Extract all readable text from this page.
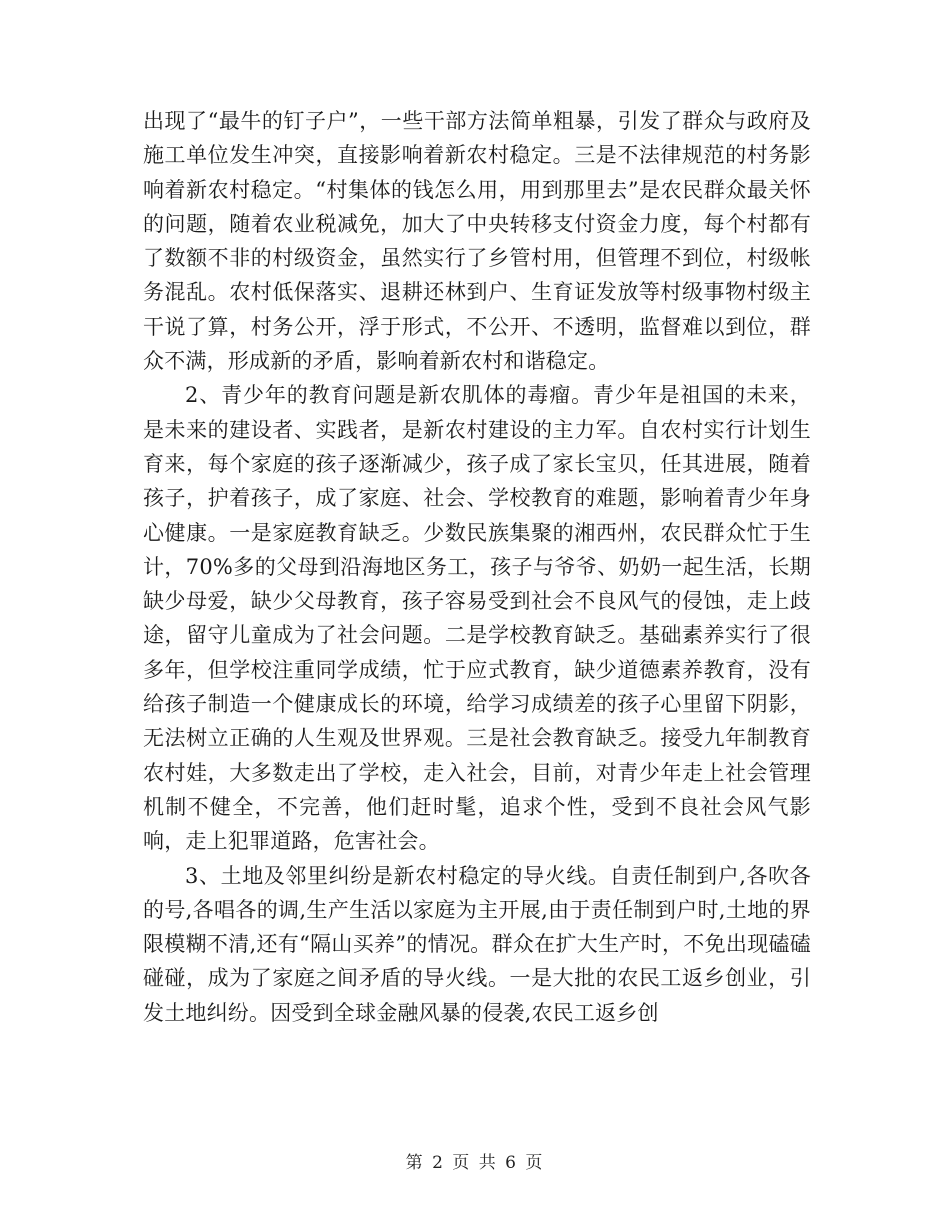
出现了“最牛的钉子户”，一些干部方法简单粗暴，引发了群众与政府及施工单位发生冲突，直接影响着新农村稳定。三是不法律规范的村务影响着新农村稳定。“村集体的钱怎么用，用到那里去”是农民群众最关怀的问题，随着农业税减免，加大了中央转移支付资金力度，每个村都有了数额不非的村级资金，虽然实行了乡管村用，但管理不到位，村级帐务混乱。农村低保落实、退耕还林到户、生育证发放等村级事物村级主干说了算，村务公开，浮于形式，不公开、不透明，监督难以到位，群众不满，形成新的矛盾，影响着新农村和谐稳定。

2、青少年的教育问题是新农肌体的毒瘤。青少年是祖国的未来，是未来的建设者、实践者，是新农村建设的主力军。自农村实行计划生育来，每个家庭的孩子逐渐减少，孩子成了家长宝贝，任其进展，随着孩子，护着孩子，成了家庭、社会、学校教育的难题，影响着青少年身心健康。一是家庭教育缺乏。少数民族集聚的湘西州，农民群众忙于生计，70%多的父母到沿海地区务工，孩子与爷爷、奶奶一起生活，长期缺少母爱，缺少父母教育，孩子容易受到社会不良风气的侵蚀，走上歧途，留守儿童成为了社会问题。二是学校教育缺乏。基础素养实行了很多年，但学校注重同学成绩，忙于应式教育，缺少道德素养教育，没有给孩子制造一个健康成长的环境，给学习成绩差的孩子心里留下阴影，无法树立正确的人生观及世界观。三是社会教育缺乏。接受九年制教育农村娃，大多数走出了学校，走入社会，目前，对青少年走上社会管理机制不健全，不完善，他们赶时髦，追求个性，受到不良社会风气影响，走上犯罪道路，危害社会。

3、土地及邻里纠纷是新农村稳定的导火线。自责任制到户,各吹各的号,各唱各的调,生产生活以家庭为主开展,由于责任制到户时,土地的界限模糊不清,还有“隔山买养”的情况。群众在扩大生产时，不免出现磕磕碰碰，成为了家庭之间矛盾的导火线。一是大批的农民工返乡创业，引发土地纠纷。因受到全球金融风暴的侵袭,农民工返乡创

第 2 页 共 6 页
